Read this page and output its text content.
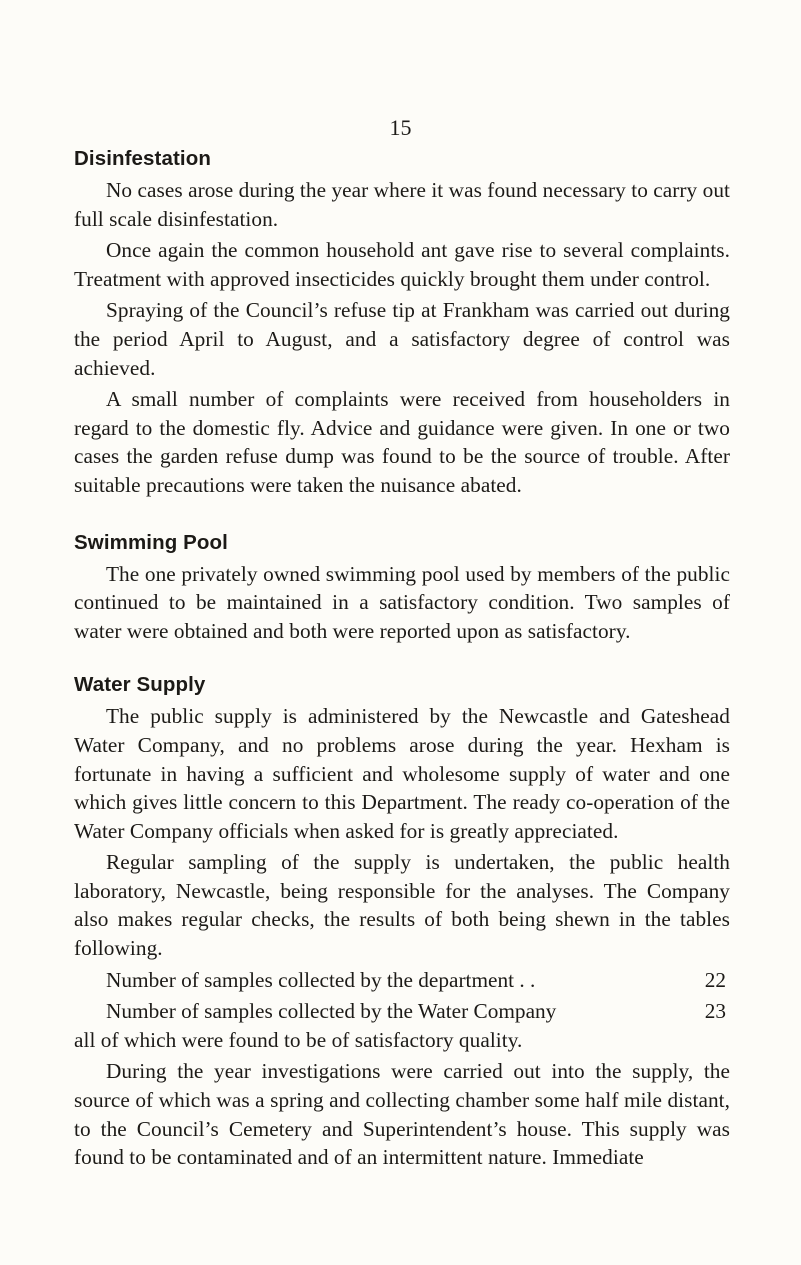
15
Disinfestation

No cases arose during the year where it was found necessary to carry out full scale disinfestation.

Once again the common household ant gave rise to several complaints. Treatment with approved insecticides quickly brought them under control.

Spraying of the Council’s refuse tip at Frankham was carried out during the period April to August, and a satisfactory degree of control was achieved.

A small number of complaints were received from householders in regard to the domestic fly. Advice and guidance were given. In one or two cases the garden refuse dump was found to be the source of trouble. After suitable precautions were taken the nuisance abated.

Swimming Pool

The one privately owned swimming pool used by members of the public continued to be maintained in a satisfactory condition. Two samples of water were obtained and both were reported upon as satisfactory.

Water Supply

The public supply is administered by the Newcastle and Gateshead Water Company, and no problems arose during the year. Hexham is fortunate in having a sufficient and wholesome supply of water and one which gives little concern to this Department. The ready co-operation of the Water Company officials when asked for is greatly appreciated.

Regular sampling of the supply is undertaken, the public health laboratory, Newcastle, being responsible for the analyses. The Company also makes regular checks, the results of both being shewn in the tables following.

Number of samples collected by the department . .	22
Number of samples collected by the Water Company	23

all of which were found to be of satisfactory quality.

During the year investigations were carried out into the supply, the source of which was a spring and collecting chamber some half mile distant, to the Council’s Cemetery and Superintendent’s house. This supply was found to be contaminated and of an intermittent nature. Immediate
